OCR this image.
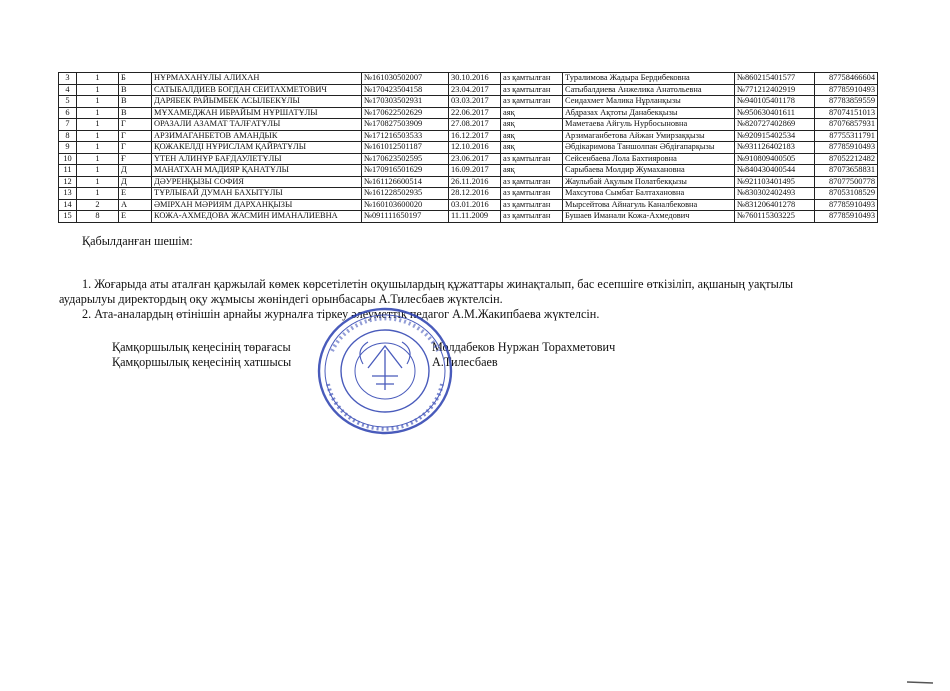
3	1	Б	НҰРМАХАНҰЛЫ АЛИХАН	№161030502007	30.10.2016	аз қамтылған	Туралимова Жадыра Бердибековна	№860215401577	87758466604
4	1	В	САТЫБАЛДИЕВ БОГДАН СЕИТАХМЕТОВИЧ	№170423504158	23.04.2017	аз қамтылған	Сатыбалдиева Анжелика Анатольевна	№771212402919	87785910493
5	1	В	ДАРЯБЕК РАЙЫМБЕК АСЫЛБЕКҰЛЫ	№170303502931	03.03.2017	аз қамтылған	Сеидахмет Малика Нұрланқызы	№940105401178	87783859559
6	1	В	МҰХАМЕДЖАН ИБРАЙЫМ НҰРШАТҰЛЫ	№170622502629	22.06.2017	аяқ	Абдразах Ақтоты Данабекқызы	№950630401611	87074151013
7	1	Г	ОРАЗАЛИ АЗАМАТ ТАЛҒАТҰЛЫ	№170827503909	27.08.2017	аяқ	Маметаева Айгуль Нурбосыновна	№820727402869	87076857931
8	1	Г	АРЗИМАГАНБЕТОВ АМАНДЫК	№171216503533	16.12.2017	аяқ	Арзимаганбетова Айжан Умирзаққызы	№920915402534	87755311791
9	1	Г	ҚОЖАКЕЛДІ НҰРИСЛАМ ҚАЙРАТҰЛЫ	№161012501187	12.10.2016	аяқ	Әбдікаримова Таншолпан Әбдіғапарқызы	№931126402183	87785910493
10	1	Ғ	ҮТЕН АЛИНҰР БАҒДАУЛЕТҰЛЫ	№170623502595	23.06.2017	аз қамтылған	Сейсенбаева Лола Бахтияровна	№910809400505	87052212482
11	1	Д	МАНАТХАН МАДИЯР ҚАНАТҰЛЫ	№170916501629	16.09.2017	аяқ	Сарыбаева Молдир Жумахановна	№840430400544	87073658831
12	1	Д	ДӘУРЕНҚЫЗЫ СОФИЯ	№161126600514	26.11.2016	аз қамтылған	Жаулыбай Ақулым Полатбекқызы	№921103401495	87077500778
13	1	Е	ТҰРЛЫБАЙ ДУМАН БАХЫТҰЛЫ	№161228502935	28.12.2016	аз қамтылған	Махсутова Сымбат Балтахановна	№830302402493	87053108529
14	2	А	ӘМІРХАН МӘРИЯМ ДАРХАНҚЫЗЫ	№160103600020	03.01.2016	аз қамтылған	Мырсейтова Айнагуль Каналбековна	№831206401278	87785910493
15	8	Е	КОЖА-АХМЕДОВА ЖАСМИН ИМАНАЛИЕВНА	№091111650197	11.11.2009	аз қамтылған	Бушаев Иманали Кожа-Ахмедович	№760115303225	87785910493
Қабылданған шешім:
1. Жоғарыда аты аталған қаржылай көмек көрсетілетін оқушылардың құжаттары жинақталып, бас есепшіге өткізіліп, ақшаның уақтылы
аударылуы директордың оқу жұмысы жөніндегі орынбасары А.Тилесбаев жүктелсін.
2. Ата-аналардың өтінішін арнайы журналға тіркеу әлеуметтік педагог А.М.Жакипбаева жүктелсін.
Қамқоршылық кеңесінің төрағасы
Қамқоршылық кеңесінің хатшысы
Молдабеков Нуржан Торахметович
А.Тилесбаев
